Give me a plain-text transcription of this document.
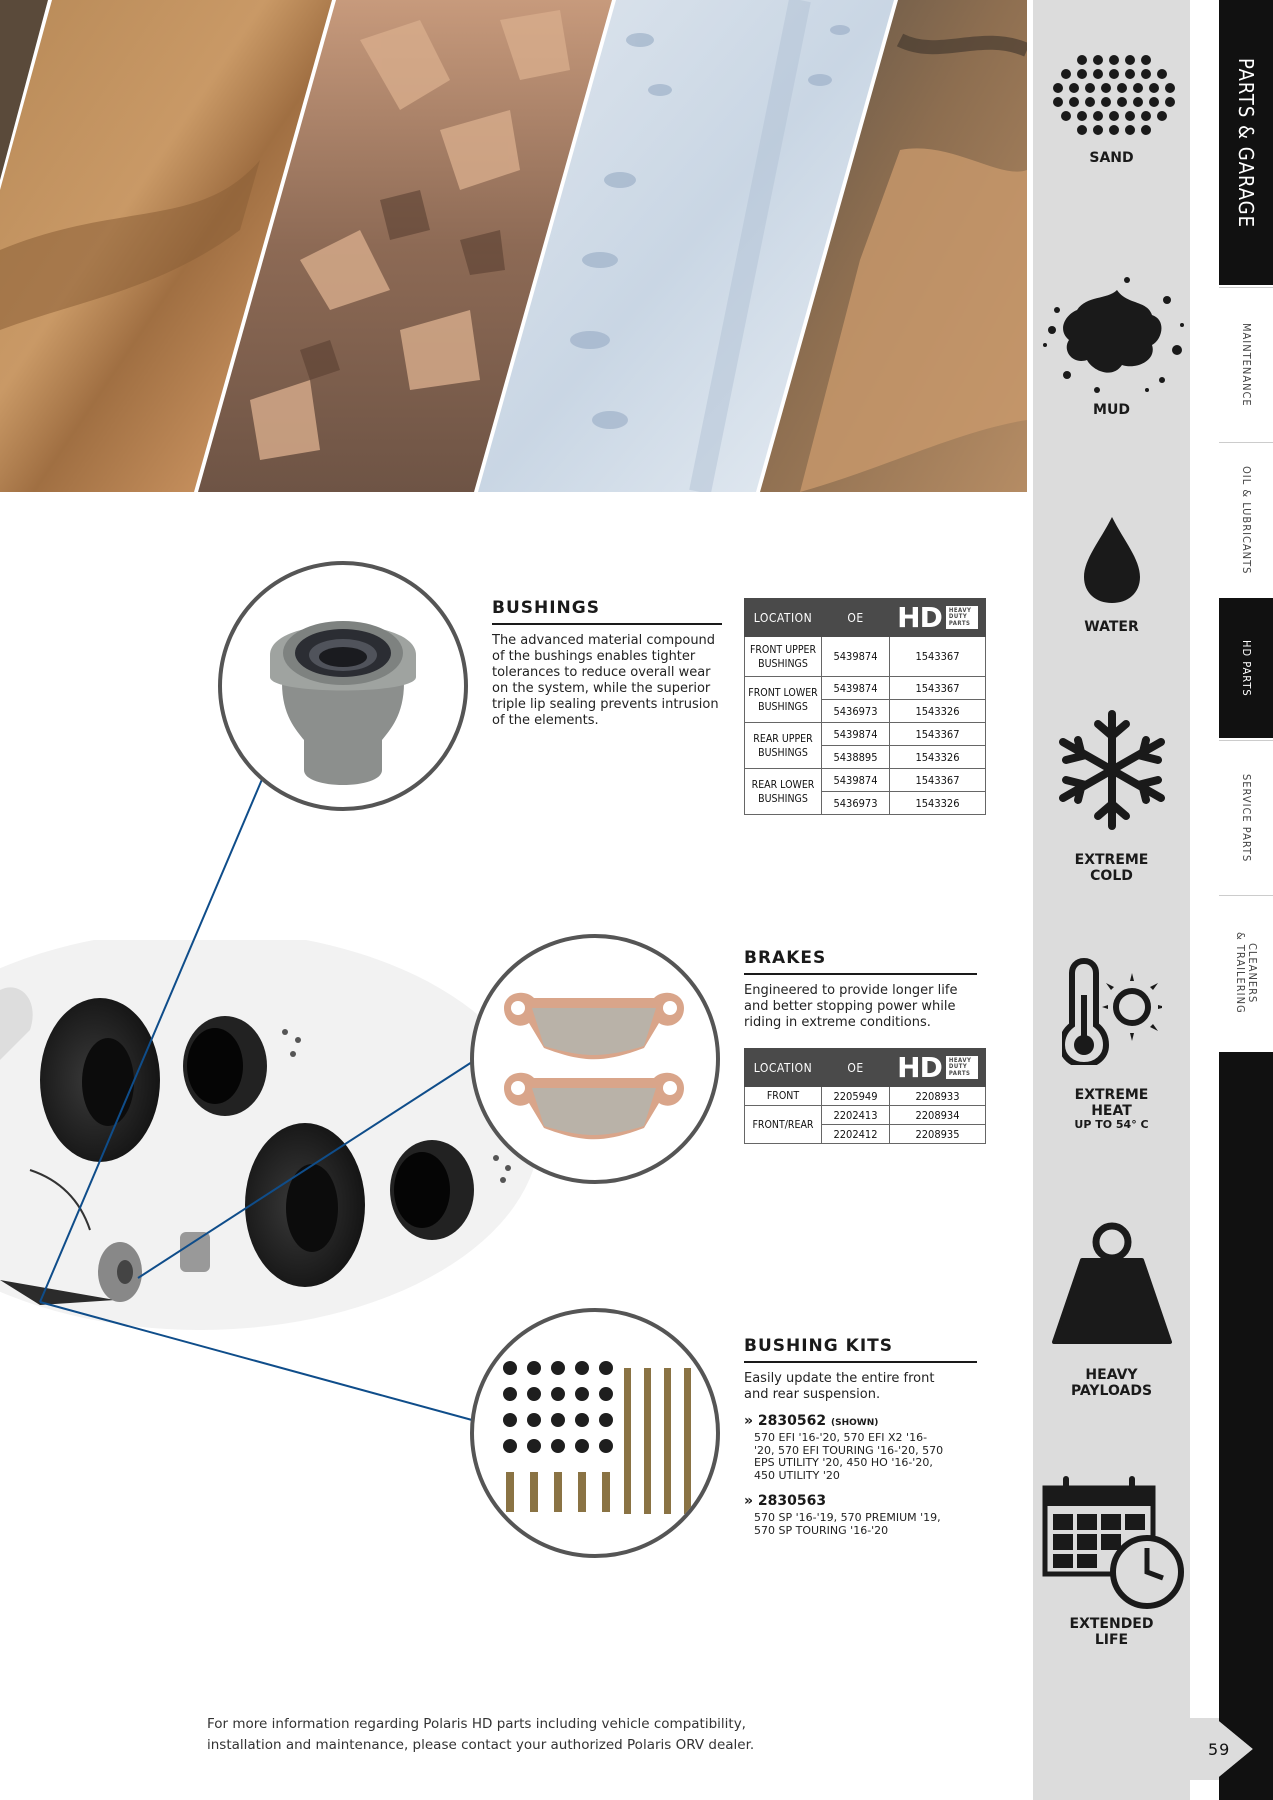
BUSHINGS
The advanced material compound of the bushings enables tighter tolerances to reduce overall wear on the system, while the superior triple lip sealing prevents intrusion of the elements.
LOCATION	OE	HD HEAVY DUTY PARTS

FRONT UPPER
BUSHINGS	5439874	1543367
FRONT LOWER
BUSHINGS	5439874	1543367
	5436973	1543326
REAR UPPER
BUSHINGS	5439874	1543367
	5438895	1543326
REAR LOWER
BUSHINGS	5439874	1543367
	5436973	1543326
BRAKES
Engineered to provide longer life and better stopping power while riding in extreme conditions.
LOCATION	OE	HD HEAVY DUTY PARTS

FRONT	2205949	2208933
FRONT/REAR	2202413	2208934
	2202412	2208935
BUSHING KITS
Easily update the entire front and rear suspension.
» 2830562 (SHOWN)
570 EFI '16-'20, 570 EFI X2 '16-'20, 570 EFI TOURING '16-'20, 570 EPS UTILITY '20, 450 HO '16-'20, 450 UTILITY '20
» 2830563
570 SP '16-'19, 570 PREMIUM '19, 570 SP TOURING '16-'20
For more information regarding Polaris HD parts including vehicle compatibility,
installation and maintenance, please contact your authorized Polaris ORV dealer.
SAND
MUD
WATER
EXTREME
COLD
EXTREME
HEAT
UP TO 54° C
HEAVY
PAYLOADS
EXTENDED
LIFE
PARTS & GARAGE
MAINTENANCE
OIL & LUBRICANTS
HD PARTS
SERVICE PARTS
CLEANERS
& TRAILERING
59
